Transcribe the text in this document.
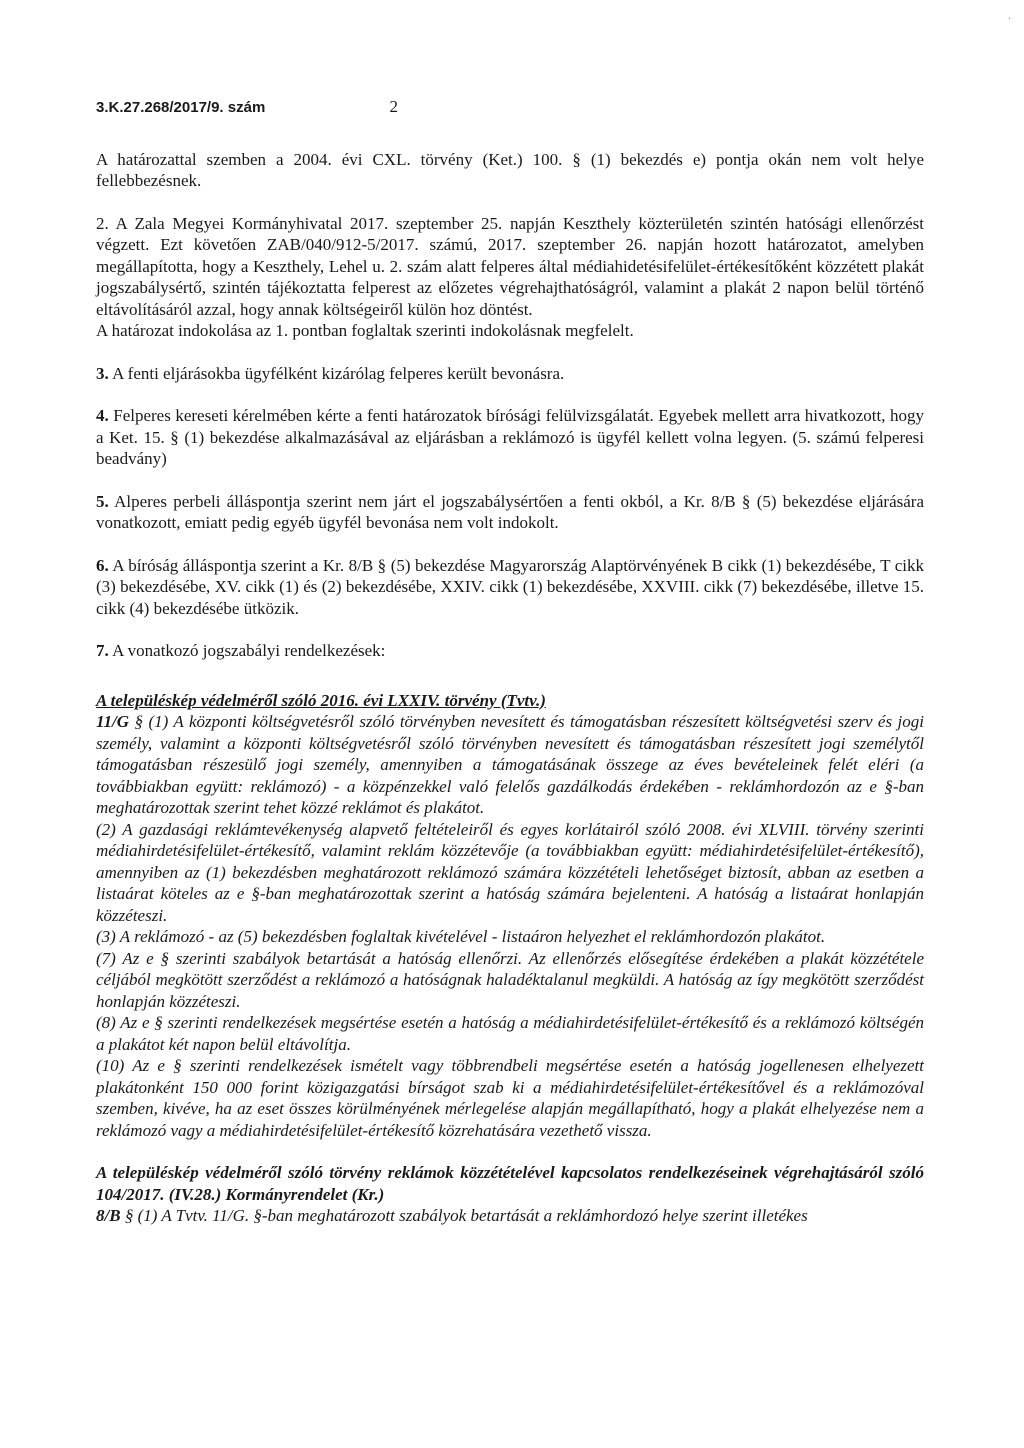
·
3.K.27.268/2017/9. szám	2

A határozattal szemben a 2004. évi CXL. törvény (Ket.) 100. § (1) bekezdés e) pontja okán nem volt helye fellebbezésnek.

2. A Zala Megyei Kormányhivatal 2017. szeptember 25. napján Keszthely közterületén szintén hatósági ellenőrzést végzett. Ezt követően ZAB/040/912-5/2017. számú, 2017. szeptember 26. napján hozott határozatot, amelyben megállapította, hogy a Keszthely, Lehel u. 2. szám alatt felperes által médiahidetésifelület-értékesítőként közzétett plakát jogszabálysértő, szintén tájékoztatta felperest az előzetes végrehajthatóságról, valamint a plakát 2 napon belül történő eltávolításáról azzal, hogy annak költségeiről külön hoz döntést.

A határozat indokolása az 1. pontban foglaltak szerinti indokolásnak megfelelt.

3. A fenti eljárásokba ügyfélként kizárólag felperes került bevonásra.

4. Felperes kereseti kérelmében kérte a fenti határozatok bírósági felülvizsgálatát. Egyebek mellett arra hivatkozott, hogy a Ket. 15. § (1) bekezdése alkalmazásával az eljárásban a reklámozó is ügyfél kellett volna legyen. (5. számú felperesi beadvány)

5. Alperes perbeli álláspontja szerint nem járt el jogszabálysértően a fenti okból, a Kr. 8/B § (5) bekezdése eljárására vonatkozott, emiatt pedig egyéb ügyfél bevonása nem volt indokolt.

6. A bíróság álláspontja szerint a Kr. 8/B § (5) bekezdése Magyarország Alaptörvényének B cikk (1) bekezdésébe, T cikk (3) bekezdésébe, XV. cikk (1) és (2) bekezdésébe, XXIV. cikk (1) bekezdésébe, XXVIII. cikk (7) bekezdésébe, illetve 15. cikk (4) bekezdésébe ütközik.

7. A vonatkozó jogszabályi rendelkezések:

A településkép védelméről szóló 2016. évi LXXIV. törvény (Tvtv.)

11/G § (1) A központi költségvetésről szóló törvényben nevesített és támogatásban részesített költségvetési szerv és jogi személy, valamint a központi költségvetésről szóló törvényben nevesített és támogatásban részesített jogi személytől támogatásban részesülő jogi személy, amennyiben a támogatásának összege az éves bevételeinek felét eléri (a továbbiakban együtt: reklámozó) - a közpénzekkel való felelős gazdálkodás érdekében - reklámhordozón az e §-ban meghatározottak szerint tehet közzé reklámot és plakátot.

(2) A gazdasági reklámtevékenység alapvető feltételeiről és egyes korlátairól szóló 2008. évi XLVIII. törvény szerinti médiahirdetésifelület-értékesítő, valamint reklám közzétevője (a továbbiakban együtt: médiahirdetésifelület-értékesítő), amennyiben az (1) bekezdésben meghatározott reklámozó számára közzétételi lehetőséget biztosít, abban az esetben a listaárat köteles az e §-ban meghatározottak szerint a hatóság számára bejelenteni. A hatóság a listaárat honlapján közzéteszi.

(3) A reklámozó - az (5) bekezdésben foglaltak kivételével - listaáron helyezhet el reklámhordozón plakátot.

(7) Az e § szerinti szabályok betartását a hatóság ellenőrzi. Az ellenőrzés elősegítése érdekében a plakát közzététele céljából megkötött szerződést a reklámozó a hatóságnak haladéktalanul megküldi. A hatóság az így megkötött szerződést honlapján közzéteszi.

(8) Az e § szerinti rendelkezések megsértése esetén a hatóság a médiahirdetésifelület-értékesítő és a reklámozó költségén a plakátot két napon belül eltávolítja.

(10) Az e § szerinti rendelkezések ismételt vagy többrendbeli megsértése esetén a hatóság jogellenesen elhelyezett plakátonként 150 000 forint közigazgatási bírságot szab ki a médiahirdetésifelület-értékesítővel és a reklámozóval szemben, kivéve, ha az eset összes körülményének mérlegelése alapján megállapítható, hogy a plakát elhelyezése nem a reklámozó vagy a médiahirdetésifelület-értékesítő közrehatására vezethető vissza.

A településkép védelméről szóló törvény reklámok közzétételével kapcsolatos rendelkezéseinek végrehajtásáról szóló 104/2017. (IV.28.) Kormányrendelet (Kr.)

8/B § (1) A Tvtv. 11/G. §-ban meghatározott szabályok betartását a reklámhordozó helye szerint illetékes
